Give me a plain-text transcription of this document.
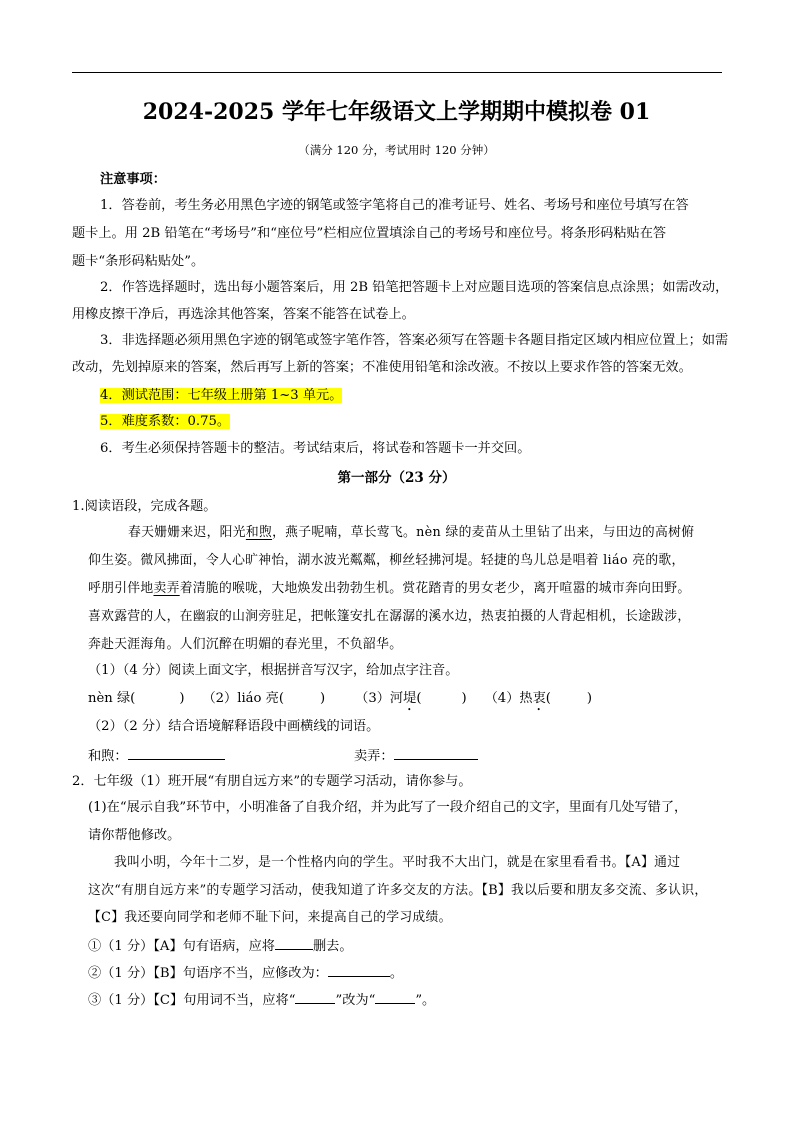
2024-2025 学年七年级语文上学期期中模拟卷 01
（满分 120 分，考试用时 120 分钟）
注意事项：
1．答卷前，考生务必用黑色字迹的钢笔或签字笔将自己的准考证号、姓名、考场号和座位号填写在答
题卡上。用 2B 铅笔在“考场号”和“座位号”栏相应位置填涂自己的考场号和座位号。将条形码粘贴在答
题卡“条形码粘贴处”。
2．作答选择题时，选出每小题答案后，用 2B 铅笔把答题卡上对应题目选项的答案信息点涂黑；如需改动，
用橡皮擦干净后，再选涂其他答案，答案不能答在试卷上。
3．非选择题必须用黑色字迹的钢笔或签字笔作答，答案必须写在答题卡各题目指定区域内相应位置上；如需
改动，先划掉原来的答案，然后再写上新的答案；不准使用铅笔和涂改液。不按以上要求作答的答案无效。
4．测试范围：七年级上册第 1~3 单元。
5．难度系数：0.75。
6．考生必须保持答题卡的整洁。考试结束后，将试卷和答题卡一并交回。
第一部分（23 分）
1.阅读语段，完成各题。
春天姗姗来迟，阳光和煦，燕子呢喃，草长莺飞。nèn 绿的麦苗从土里钻了出来，与田边的高树俯
仰生姿。微风拂面，令人心旷神怡，湖水波光粼粼，柳丝轻拂河堤。轻捷的鸟儿总是唱着 liáo 亮的歌，
呼朋引伴地卖弄着清脆的喉咙，大地焕发出勃勃生机。赏花踏青的男女老少，离开喧嚣的城市奔向田野。
喜欢露营的人，在幽寂的山涧旁驻足，把帐篷安扎在潺潺的溪水边，热衷拍摄的人背起相机，长途跋涉，
奔赴天涯海角。人们沉醉在明媚的春光里，不负韶华。
（1）（4 分）阅读上面文字，根据拼音写汉字，给加点字注音。
nèn 绿(	) （2）liáo 亮(	) （3）河堤(	) （4）热衷(	)
（2）（2 分）结合语境解释语段中画横线的词语。
和煦：	卖弄：
2．七年级（1）班开展“有朋自远方来”的专题学习活动，请你参与。
(1)在“展示自我”环节中，小明准备了自我介绍，并为此写了一段介绍自己的文字，里面有几处写错了，
请你帮他修改。
我叫小明，今年十二岁，是一个性格内向的学生。平时我不大出门，就是在家里看看书。【A】通过
这次“有朋自远方来”的专题学习活动，使我知道了许多交友的方法。【B】我以后要和朋友多交流、多认识，
【C】我还要向同学和老师不耻下问，来提高自己的学习成绩。
①（1 分）【A】句有语病，应将	删去。
②（1 分）【B】句语序不当，应修改为：	。
③（1 分）【C】句用词不当，应将“	”改为“	”。
